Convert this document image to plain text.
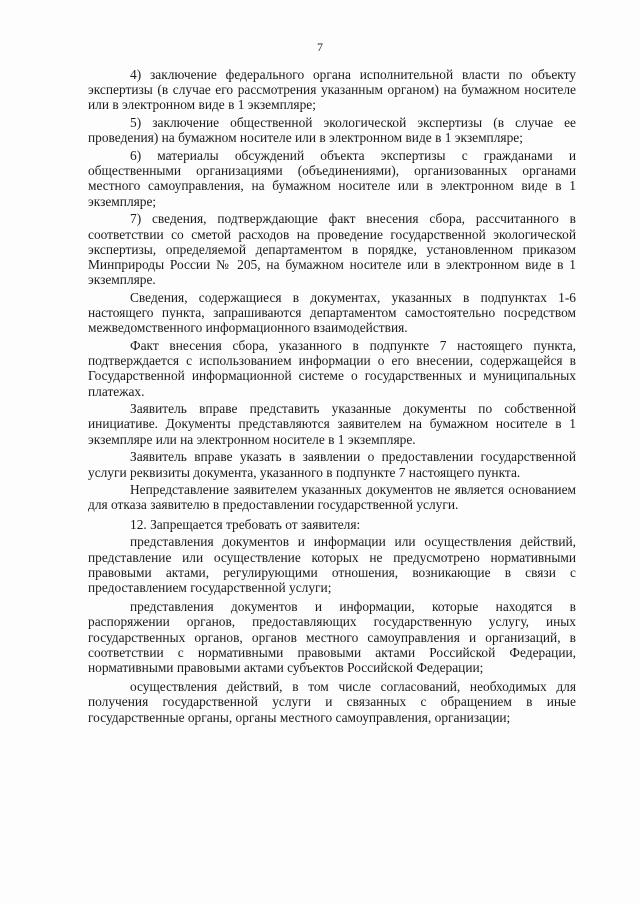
7

4) заключение федерального органа исполнительной власти по объекту экспертизы (в случае его рассмотрения указанным органом) на бумажном носителе или в электронном виде в 1 экземпляре;

5) заключение общественной экологической экспертизы (в случае ее проведения) на бумажном носителе или в электронном виде в 1 экземпляре;

6) материалы обсуждений объекта экспертизы с гражданами и общественными организациями (объединениями), организованных органами местного самоуправления, на бумажном носителе или в электронном виде в 1 экземпляре;

7) сведения, подтверждающие факт внесения сбора, рассчитанного в соответствии со сметой расходов на проведение государственной экологической экспертизы, определяемой департаментом в порядке, установленном приказом Минприроды России № 205, на бумажном носителе или в электронном виде в 1 экземпляре.

Сведения, содержащиеся в документах, указанных в подпунктах 1-6 настоящего пункта, запрашиваются департаментом самостоятельно посредством межведомственного информационного взаимодействия.

Факт внесения сбора, указанного в подпункте 7 настоящего пункта, подтверждается с использованием информации о его внесении, содержащейся в Государственной информационной системе о государственных и муниципальных платежах.

Заявитель вправе представить указанные документы по собственной инициативе. Документы представляются заявителем на бумажном носителе в 1 экземпляре или на электронном носителе в 1 экземпляре.

Заявитель вправе указать в заявлении о предоставлении государственной услуги реквизиты документа, указанного в подпункте 7 настоящего пункта.

Непредставление заявителем указанных документов не является основанием для отказа заявителю в предоставлении государственной услуги.

12. Запрещается требовать от заявителя:

представления документов и информации или осуществления действий, представление или осуществление которых не предусмотрено нормативными правовыми актами, регулирующими отношения, возникающие в связи с предоставлением государственной услуги;

представления документов и информации, которые находятся в распоряжении органов, предоставляющих государственную услугу, иных государственных органов, органов местного самоуправления и организаций, в соответствии с нормативными правовыми актами Российской Федерации, нормативными правовыми актами субъектов Российской Федерации;

осуществления действий, в том числе согласований, необходимых для получения государственной услуги и связанных с обращением в иные государственные органы, органы местного самоуправления, организации;
